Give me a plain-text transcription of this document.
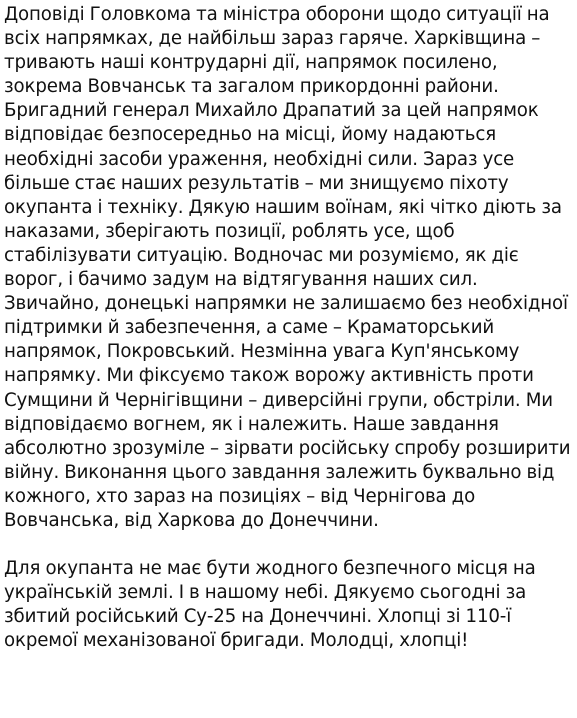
Доповіді Головкома та міністра оборони щодо ситуації на
всіх напрямках, де найбільш зараз гаряче. Харківщина –
тривають наші контрударні дії, напрямок посилено,
зокрема Вовчанськ та загалом прикордонні райони.
Бригадний генерал Михайло Драпатий за цей напрямок
відповідає безпосередньо на місці, йому надаються
необхідні засоби ураження, необхідні сили. Зараз усе
більше стає наших результатів – ми знищуємо піхоту
окупанта і техніку. Дякую нашим воїнам, які чітко діють за
наказами, зберігають позиції, роблять усе, щоб
стабілізувати ситуацію. Водночас ми розуміємо, як діє
ворог, і бачимо задум на відтягування наших сил.
Звичайно, донецькі напрямки не залишаємо без необхідної
підтримки й забезпечення, а саме – Краматорський
напрямок, Покровський. Незмінна увага Куп'янському
напрямку. Ми фіксуємо також ворожу активність проти
Сумщини й Чернігівщини – диверсійні групи, обстріли. Ми
відповідаємо вогнем, як і належить. Наше завдання
абсолютно зрозуміле – зірвати російську спробу розширити
війну. Виконання цього завдання залежить буквально від
кожного, хто зараз на позиціях – від Чернігова до
Вовчанська, від Харкова до Донеччини.
Для окупанта не має бути жодного безпечного місця на
українській землі. І в нашому небі. Дякуємо сьогодні за
збитий російський Су-25 на Донеччині. Хлопці зі 110-ї
окремої механізованої бригади. Молодці, хлопці!
